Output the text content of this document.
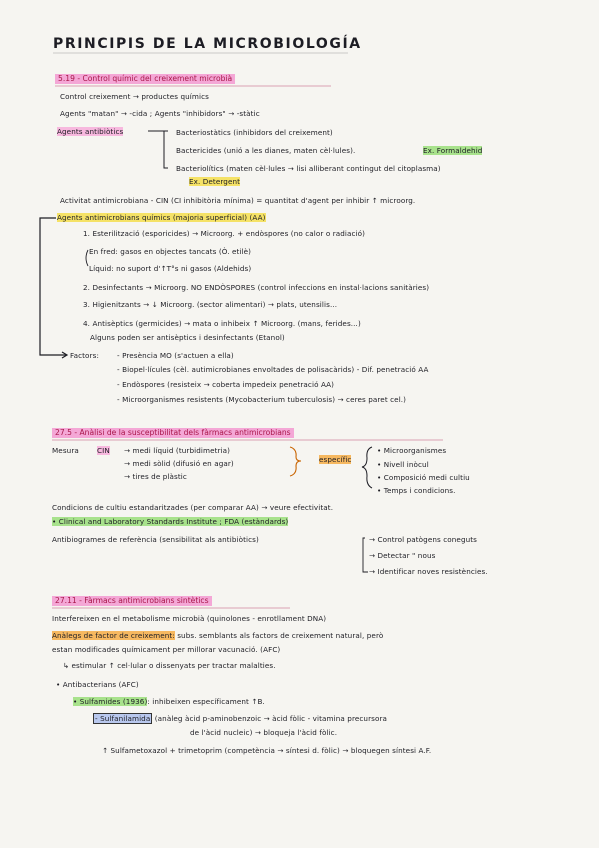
PRINCIPIS DE LA MICROBIOLOGÍA
5.19 - Control químic del creixement microbià
Control creixement → productes químics
Agents "matan" → -cida ; Agents "inhibidors" → -stàtic
Agents antibiòtics	Bacteriostàtics (inhibidors del creixement)
Bactericides (unió a les dianes, maten cèl·lules).	Ex. Formaldehid
Bacteriolítics (maten cèl·lules → lisi alliberant contingut del citoplasma)
Ex. Detergent
Activitat antimicrobiana - CIN (CI inhibitòria mínima) = quantitat d'agent per inhibir ↑ microorg.
Agents antimicrobians químics (majoria superficial) (AA)
1. Esterilització (esporicides) → Microorg. + endòspores (no calor o radiació)
En fred: gasos en objectes tancats (Ò. etilè)
Líquid: no suport d'↑T°s ni gasos (Aldehids)
2. Desinfectants → Microorg. NO ENDÒSPORES (control infeccions en instal·lacions sanitàries)
3. Higienitzants → ↓ Microorg. (sector alimentari) → plats, utensilis...
4. Antisèptics (germicides) → mata o inhibeix ↑ Microorg. (mans, ferides...)
Alguns poden ser antisèptics i desinfectants (Etanol)
Factors:	- Presència MO (s'actuen a ella)
- Biopel·lícules (cèl. autimicrobianes envoltades de polisacàrids) - Dif. penetració AA
- Endòspores (resisteix → coberta impedeix penetració AA)
- Microorganismes resistents (Mycobacterium tuberculosis) → ceres paret cel.)
27.5 - Anàlisi de la susceptibilitat dels fàrmacs antimicrobians
Mesura	CIN → medi líquid (turbidimetria)
→ medi sòlid (difusió en agar)
→ tires de plàstic
específic
• Microorganismes
• Nivell inòcul
• Composició medi cultiu
• Temps i condicions.
Condicions de cultiu estandaritzades (per comparar AA) → veure efectivitat.
• Clinical and Laboratory Standards Institute ; FDA (estàndards)
Antibiogrames de referència (sensibilitat als antibiòtics)	→ Control patògens coneguts
→ Detectar " nous
→ Identificar noves resistències.
27.11 - Fàrmacs antimicrobians sintètics
Interfereixen en el metabolisme microbià (quinolones - enrotllament DNA)
Anàlegs de factor de creixement: subs. semblants als factors de creixement natural, però
estan modificades químicament per millorar vacunació. (AFC)
↳ estimular ↑ cel·lular o dissenyats per tractar malalties.
• Antibacterians (AFC)
• Sulfamides (1936): inhibeixen específicament ↑B.
- Sulfanilamida (anàleg àcid p-aminobenzoic → àcid fòlic - vitamina precursora
de l'àcid nucleic) → bloqueja l'àcid fòlic.
↑ Sulfametoxazol + trimetoprim (competència → síntesi d. fòlic) → bloquegen síntesi A.F.
